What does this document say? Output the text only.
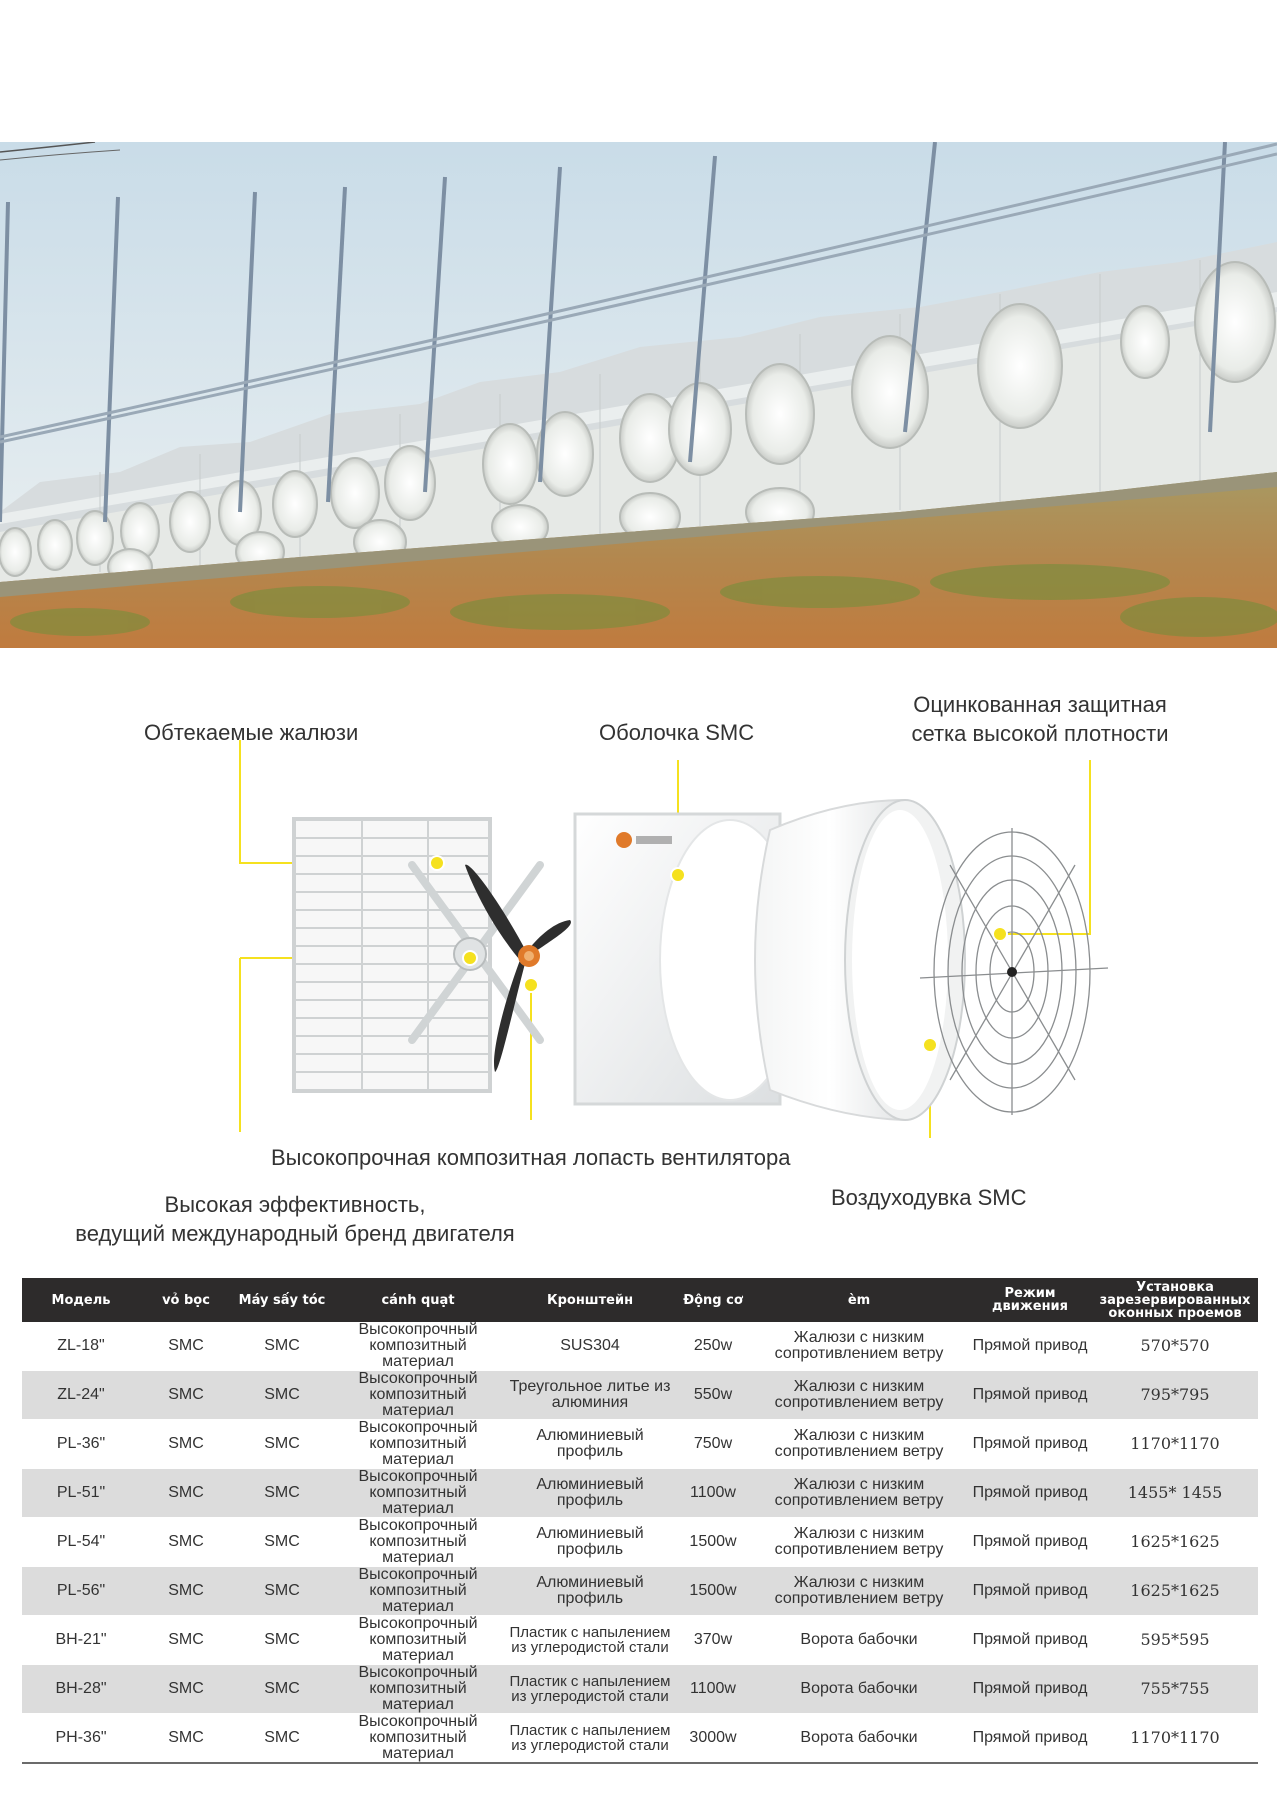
Обтекаемые жалюзи	Оболочка SMC
Оцинкованная защитная
сетка высокой плотности
Высокопрочная композитная лопасть вентилятора
Высокая эффективность,
ведущий международный бренд двигателя
Воздуходувка SMC
Модель	vỏ bọc	Máy sấy tóc	cánh quạt	Кронштейн	Động cơ	èm	Режим движения	Установка зарезервированных оконных проемов
ZL-18"	SMC	SMC	Высокопрочный композитный материал	SUS304	250w	Жалюзи с низким сопротивлением ветру	Прямой привод	570*570
ZL-24"	SMC	SMC	Высокопрочный композитный материал	Треугольное литье из алюминия	550w	Жалюзи с низким сопротивлением ветру	Прямой привод	795*795
PL-36"	SMC	SMC	Высокопрочный композитный материал	Алюминиевый профиль	750w	Жалюзи с низким сопротивлением ветру	Прямой привод	1170*1170
PL-51"	SMC	SMC	Высокопрочный композитный материал	Алюминиевый профиль	1100w	Жалюзи с низким сопротивлением ветру	Прямой привод	1455* 1455
PL-54"	SMC	SMC	Высокопрочный композитный материал	Алюминиевый профиль	1500w	Жалюзи с низким сопротивлением ветру	Прямой привод	1625*1625
PL-56"	SMC	SMC	Высокопрочный композитный материал	Алюминиевый профиль	1500w	Жалюзи с низким сопротивлением ветру	Прямой привод	1625*1625
BH-21"	SMC	SMC	Высокопрочный композитный материал	Пластик с напылением из углеродистой стали	370w	Ворота бабочки	Прямой привод	595*595
BH-28"	SMC	SMC	Высокопрочный композитный материал	Пластик с напылением из углеродистой стали	1100w	Ворота бабочки	Прямой привод	755*755
PH-36"	SMC	SMC	Высокопрочный композитный материал	Пластик с напылением из углеродистой стали	3000w	Ворота бабочки	Прямой привод	1170*1170
